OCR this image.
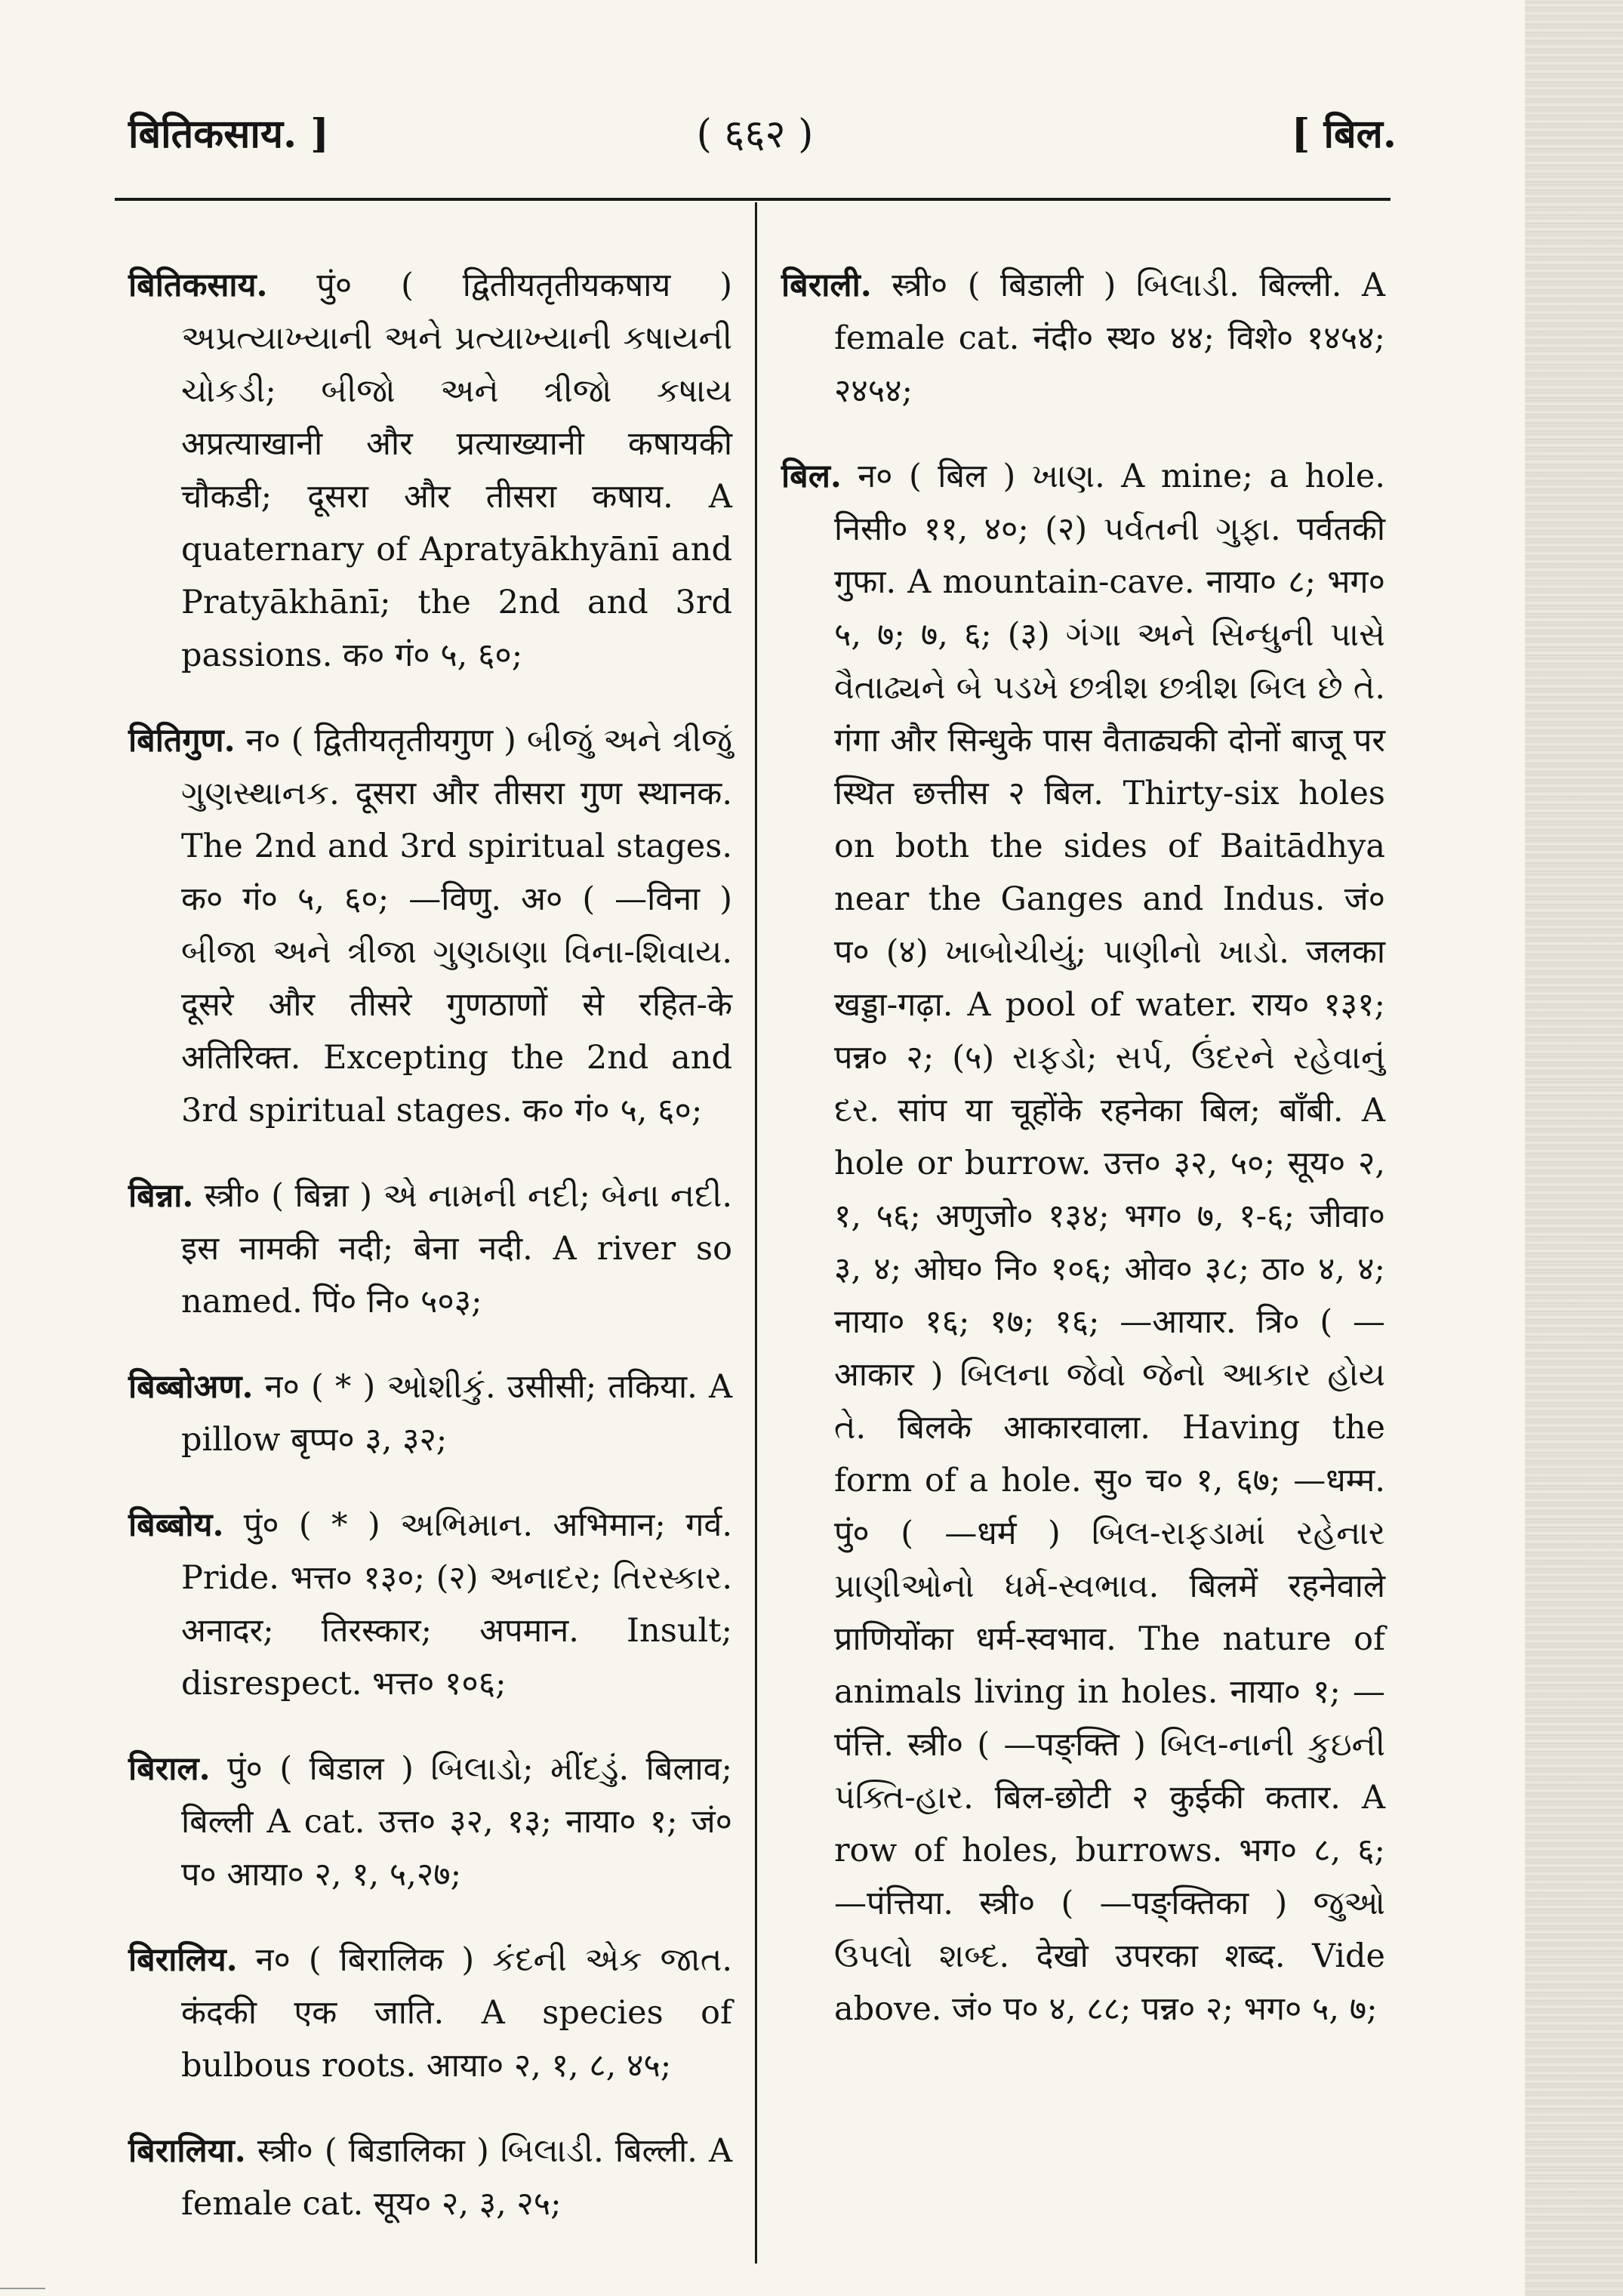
( ६६२ )
बितिकसाय. ]	[ बिल.

बितिकसाय. पुं० ( द्वितीयतृतीयकषाय ) અપ્રત્યાખ્યાની અને પ્રત્યાખ્યાની કષાયની ચોકડી; બીજો અને ત્રીજો કષાય अप्रत्याखानी और प्रत्याख्यानी कषायकी चौकडी; दूसरा और तीसरा कषाय. A quaternary of Apratyākhyānī and Pratyākhānī; the 2nd and 3rd passions. क० गं० ५, ६०;

बितिगुण. न० ( द्वितीयतृतीयगुण ) બીજું અને ત્રીજું ગુણસ્થાનક. दूसरा और तीसरा गुण स्थानक. The 2nd and 3rd spiritual stages. क० गं० ५, ६०; —विणु. अ० ( —विना ) બીજા અને ત્રીજા ગુણઠાણા વિના-શિવાય. दूसरे और तीसरे गुणठाणों से रहित-के अतिरिक्त. Excepting the 2nd and 3rd spiritual stages. क० गं० ५, ६०;

बिन्ना. स्त्री० ( बिन्ना ) એ નામની નદી; બેના નદી. इस नामकी नदी; बेना नदी. A river so named. पिं० नि० ५०३;

बिब्बोअण. न० ( * ) ઓશીકું. उसीसी; तकिया. A pillow बृप्प० ३, ३२;

बिब्बोय. पुं० ( * ) અભિમાન. अभिमान; गर्व. Pride. भत्त० १३०; (२) અનાદર; તિરસ્કાર. अनादर; तिरस्कार; अपमान. Insult; disrespect. भत्त० १०६;

बिराल. पुं० ( बिडाल ) બિલાડો; મીંદડું. बिलाव; बिल्ली A cat. उत्त० ३२, १३; नाया० १; जं० प० आया० २, १, ५,२७;

बिरालिय. न० ( बिरालिक ) કંદની એક જાત. कंदकी एक जाति. A species of bulbous roots. आया० २, १, ८, ४५;

बिरालिया. स्त्री० ( बिडालिका ) બિલાડી. बिल्ली. A female cat. सूय० २, ३, २५;

बिराली. स्त्री० ( बिडाली ) બિલાડી. बिल्ली. A female cat. नंदी० स्थ० ४४; विशे० १४५४; २४५४;

बिल. न० ( बिल ) ખાણ. A mine; a hole. निसी० ११, ४०; (२) પર્વતની ગુફા. पर्वतकी गुफा. A mountain-cave. नाया० ८; भग० ५, ७; ७, ६; (३) ગંગા અને સિન્ધુની પાસે વૈતાઢ્યને બે પડખે છત્રીશ છત્રીશ બિલ છે તે. गंगा और सिन्धुके पास वैताढ्यकी दोनों बाजू पर स्थित छत्तीस २ बिल. Thirty-six holes on both the sides of Baitādhya near the Ganges and Indus. जं० प० (४) ખાબોચીયું; પાણીનો ખાડો. जलका खड्डा-गढ़ा. A pool of water. राय० १३१; पन्न० २; (५) રાફડો; સર્પ, ઉંદરને રહેવાનું દર. सांप या चूहोंके रहनेका बिल; बाँबी. A hole or burrow. उत्त० ३२, ५०; सूय० २, १, ५६; अणुजो० १३४; भग० ७, १-६; जीवा० ३, ४; ओघ० नि० १०६; ओव० ३८; ठा० ४, ४; नाया० १६; १७; १६; —आयार. त्रि० ( —आकार ) બિલના જેવો જેનો આકાર હોય તે. बिलके आकारवाला. Having the form of a hole. सु० च० १, ६७; —धम्म. पुं० ( —धर्म ) બિલ-રાફડામાં રહેનાર પ્રાણીઓનો ધર્મ-સ્વભાવ. बिलमें रहनेवाले प्राणियोंका धर्म-स्वभाव. The nature of animals living in holes. नाया० १; —पंत्ति. स्त्री० ( —पङ्क्ति ) બિલ-નાની કુઇની પંક્તિ-હાર. बिल-छोटी २ कुईकी कतार. A row of holes, burrows. भग० ८, ६; —पंत्तिया. स्त्री० ( —पङ्क्तिका ) જુઓ ઉપલો શબ્દ. देखो उपरका शब्द. Vide above. जं० प० ४, ८८; पन्न० २; भग० ५, ७;
